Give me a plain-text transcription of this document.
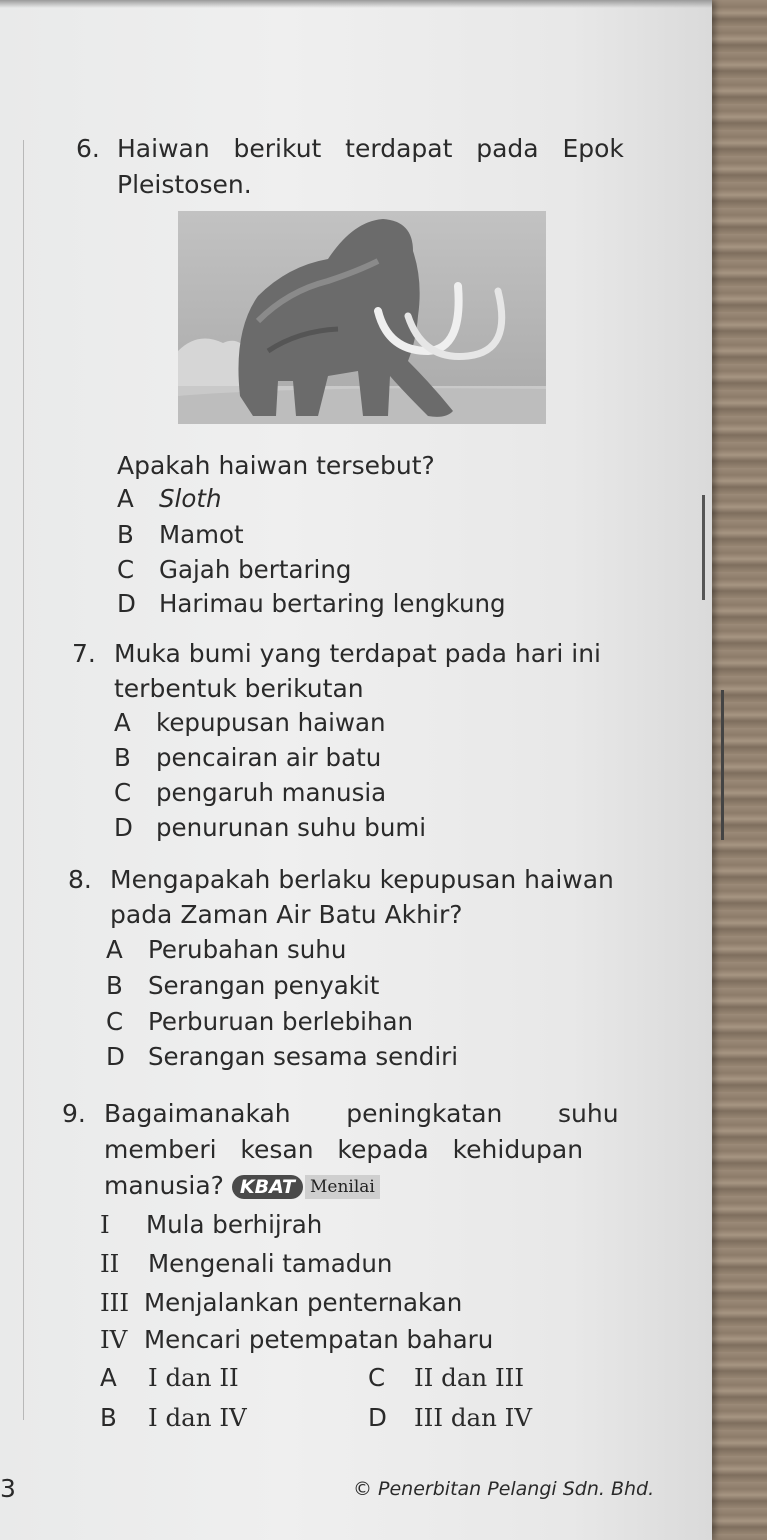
6. Haiwan   berikut   terdapat   pada   Epok
Pleistosen.
Apakah haiwan tersebut?
A Sloth
B Mamot
C Gajah bertaring
D Harimau bertaring lengkung
7. Muka bumi yang terdapat pada hari ini
terbentuk berikutan
A kepupusan haiwan
B pencairan air batu
C pengaruh manusia
D penurunan suhu bumi
8. Mengapakah berlaku kepupusan haiwan
pada Zaman Air Batu Akhir?
A Perubahan suhu
B Serangan penyakit
C Perburuan berlebihan
D Serangan sesama sendiri
9. Bagaimanakah       peningkatan       suhu
memberi   kesan   kepada   kehidupan
manusia? KBAT Menilai
I Mula berhijrah
II Mengenali tamadun
III Menjalankan penternakan
IV Mencari petempatan baharu
A I dan II
B I dan IV
C II dan III
D III dan IV
3	© Penerbitan Pelangi Sdn. Bhd.
